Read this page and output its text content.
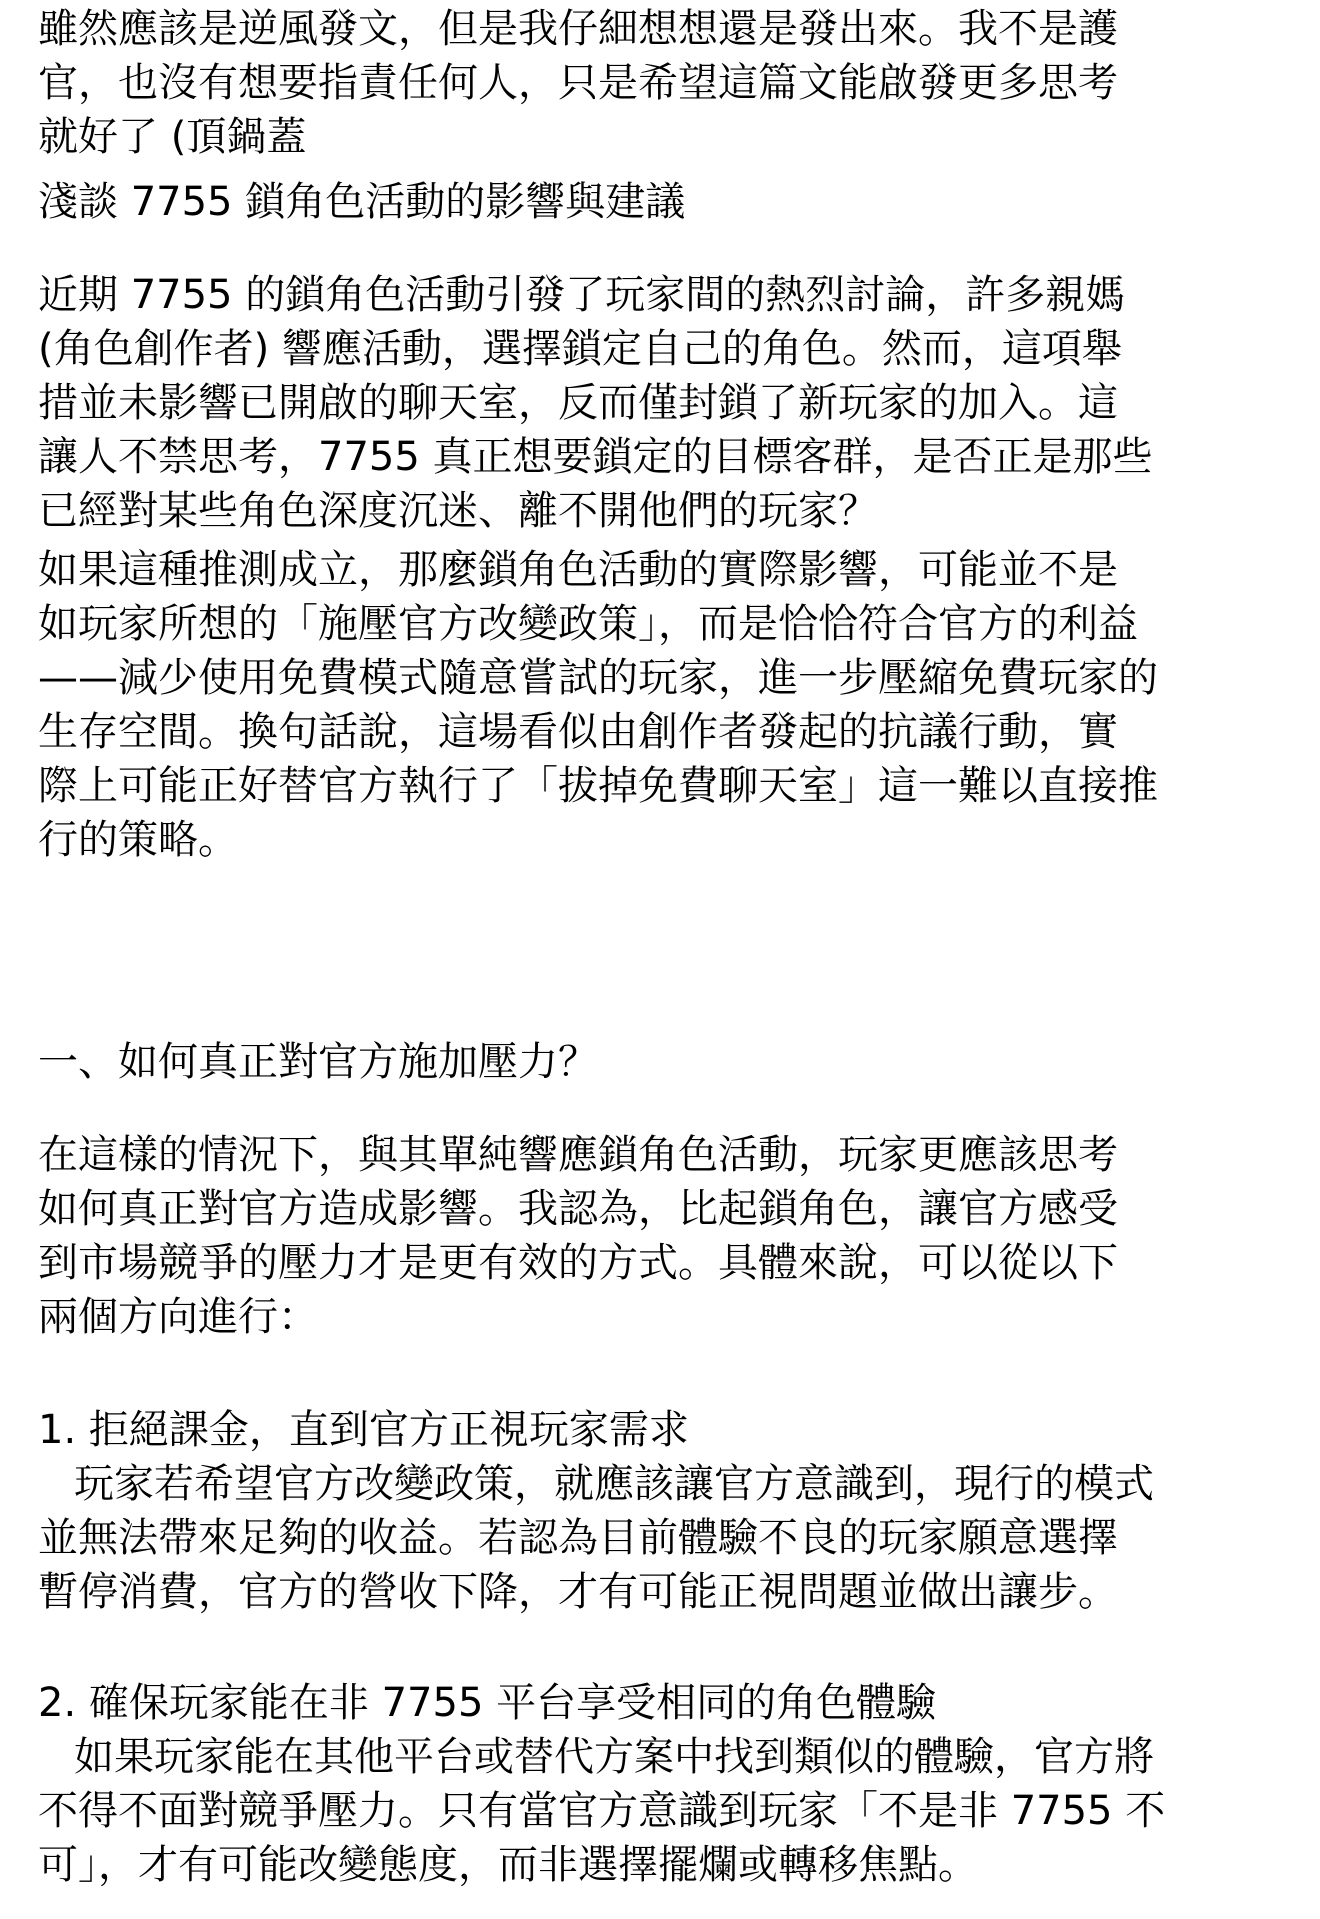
雖然應該是逆風發文，但是我仔細想想還是發出來。我不是護
官，也沒有想要指責任何人，只是希望這篇文能啟發更多思考
就好了 (頂鍋蓋

淺談 7755 鎖角色活動的影響與建議

近期 7755 的鎖角色活動引發了玩家間的熱烈討論，許多親媽
(角色創作者) 響應活動，選擇鎖定自己的角色。然而，這項舉
措並未影響已開啟的聊天室，反而僅封鎖了新玩家的加入。這
讓人不禁思考，7755 真正想要鎖定的目標客群，是否正是那些
已經對某些角色深度沉迷、離不開他們的玩家？

如果這種推測成立，那麼鎖角色活動的實際影響，可能並不是
如玩家所想的「施壓官方改變政策」，而是恰恰符合官方的利益
——減少使用免費模式隨意嘗試的玩家，進一步壓縮免費玩家的
生存空間。換句話說，這場看似由創作者發起的抗議行動，實
際上可能正好替官方執行了「拔掉免費聊天室」這一難以直接推
行的策略。

一、如何真正對官方施加壓力？

在這樣的情況下，與其單純響應鎖角色活動，玩家更應該思考
如何真正對官方造成影響。我認為，比起鎖角色，讓官方感受
到市場競爭的壓力才是更有效的方式。具體來說，可以從以下
兩個方向進行：

1. 拒絕課金，直到官方正視玩家需求
玩家若希望官方改變政策，就應該讓官方意識到，現行的模式
並無法帶來足夠的收益。若認為目前體驗不良的玩家願意選擇
暫停消費，官方的營收下降，才有可能正視問題並做出讓步。

2. 確保玩家能在非 7755 平台享受相同的角色體驗
如果玩家能在其他平台或替代方案中找到類似的體驗，官方將
不得不面對競爭壓力。只有當官方意識到玩家「不是非 7755 不
可」，才有可能改變態度，而非選擇擺爛或轉移焦點。
